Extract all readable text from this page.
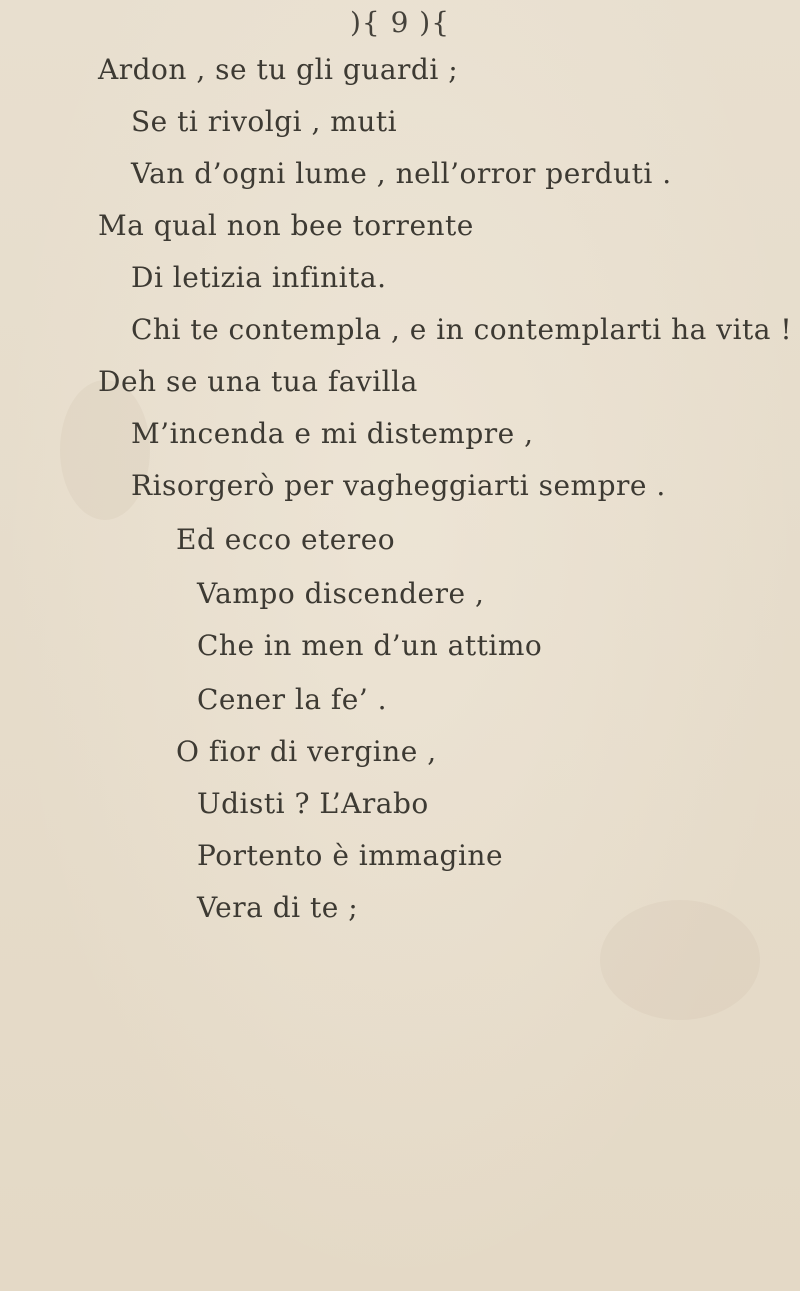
){ 9 ){
Ardon , se tu gli guardi ;
Se ti rivolgi , muti
Van d’ogni lume , nell’orror perduti .
Ma qual non bee torrente
Di letizia infinita.
Chi te contempla , e in contemplarti ha vita !
Deh se una tua favilla
M’incenda e mi distempre ,
Risorgerò per vagheggiarti sempre .
Ed ecco etereo
Vampo discendere ,
Che in men d’un attimo
Cener la fe’ .
O fior di vergine ,
Udisti ? L’Arabo
Portento è immagine
Vera di te ;
